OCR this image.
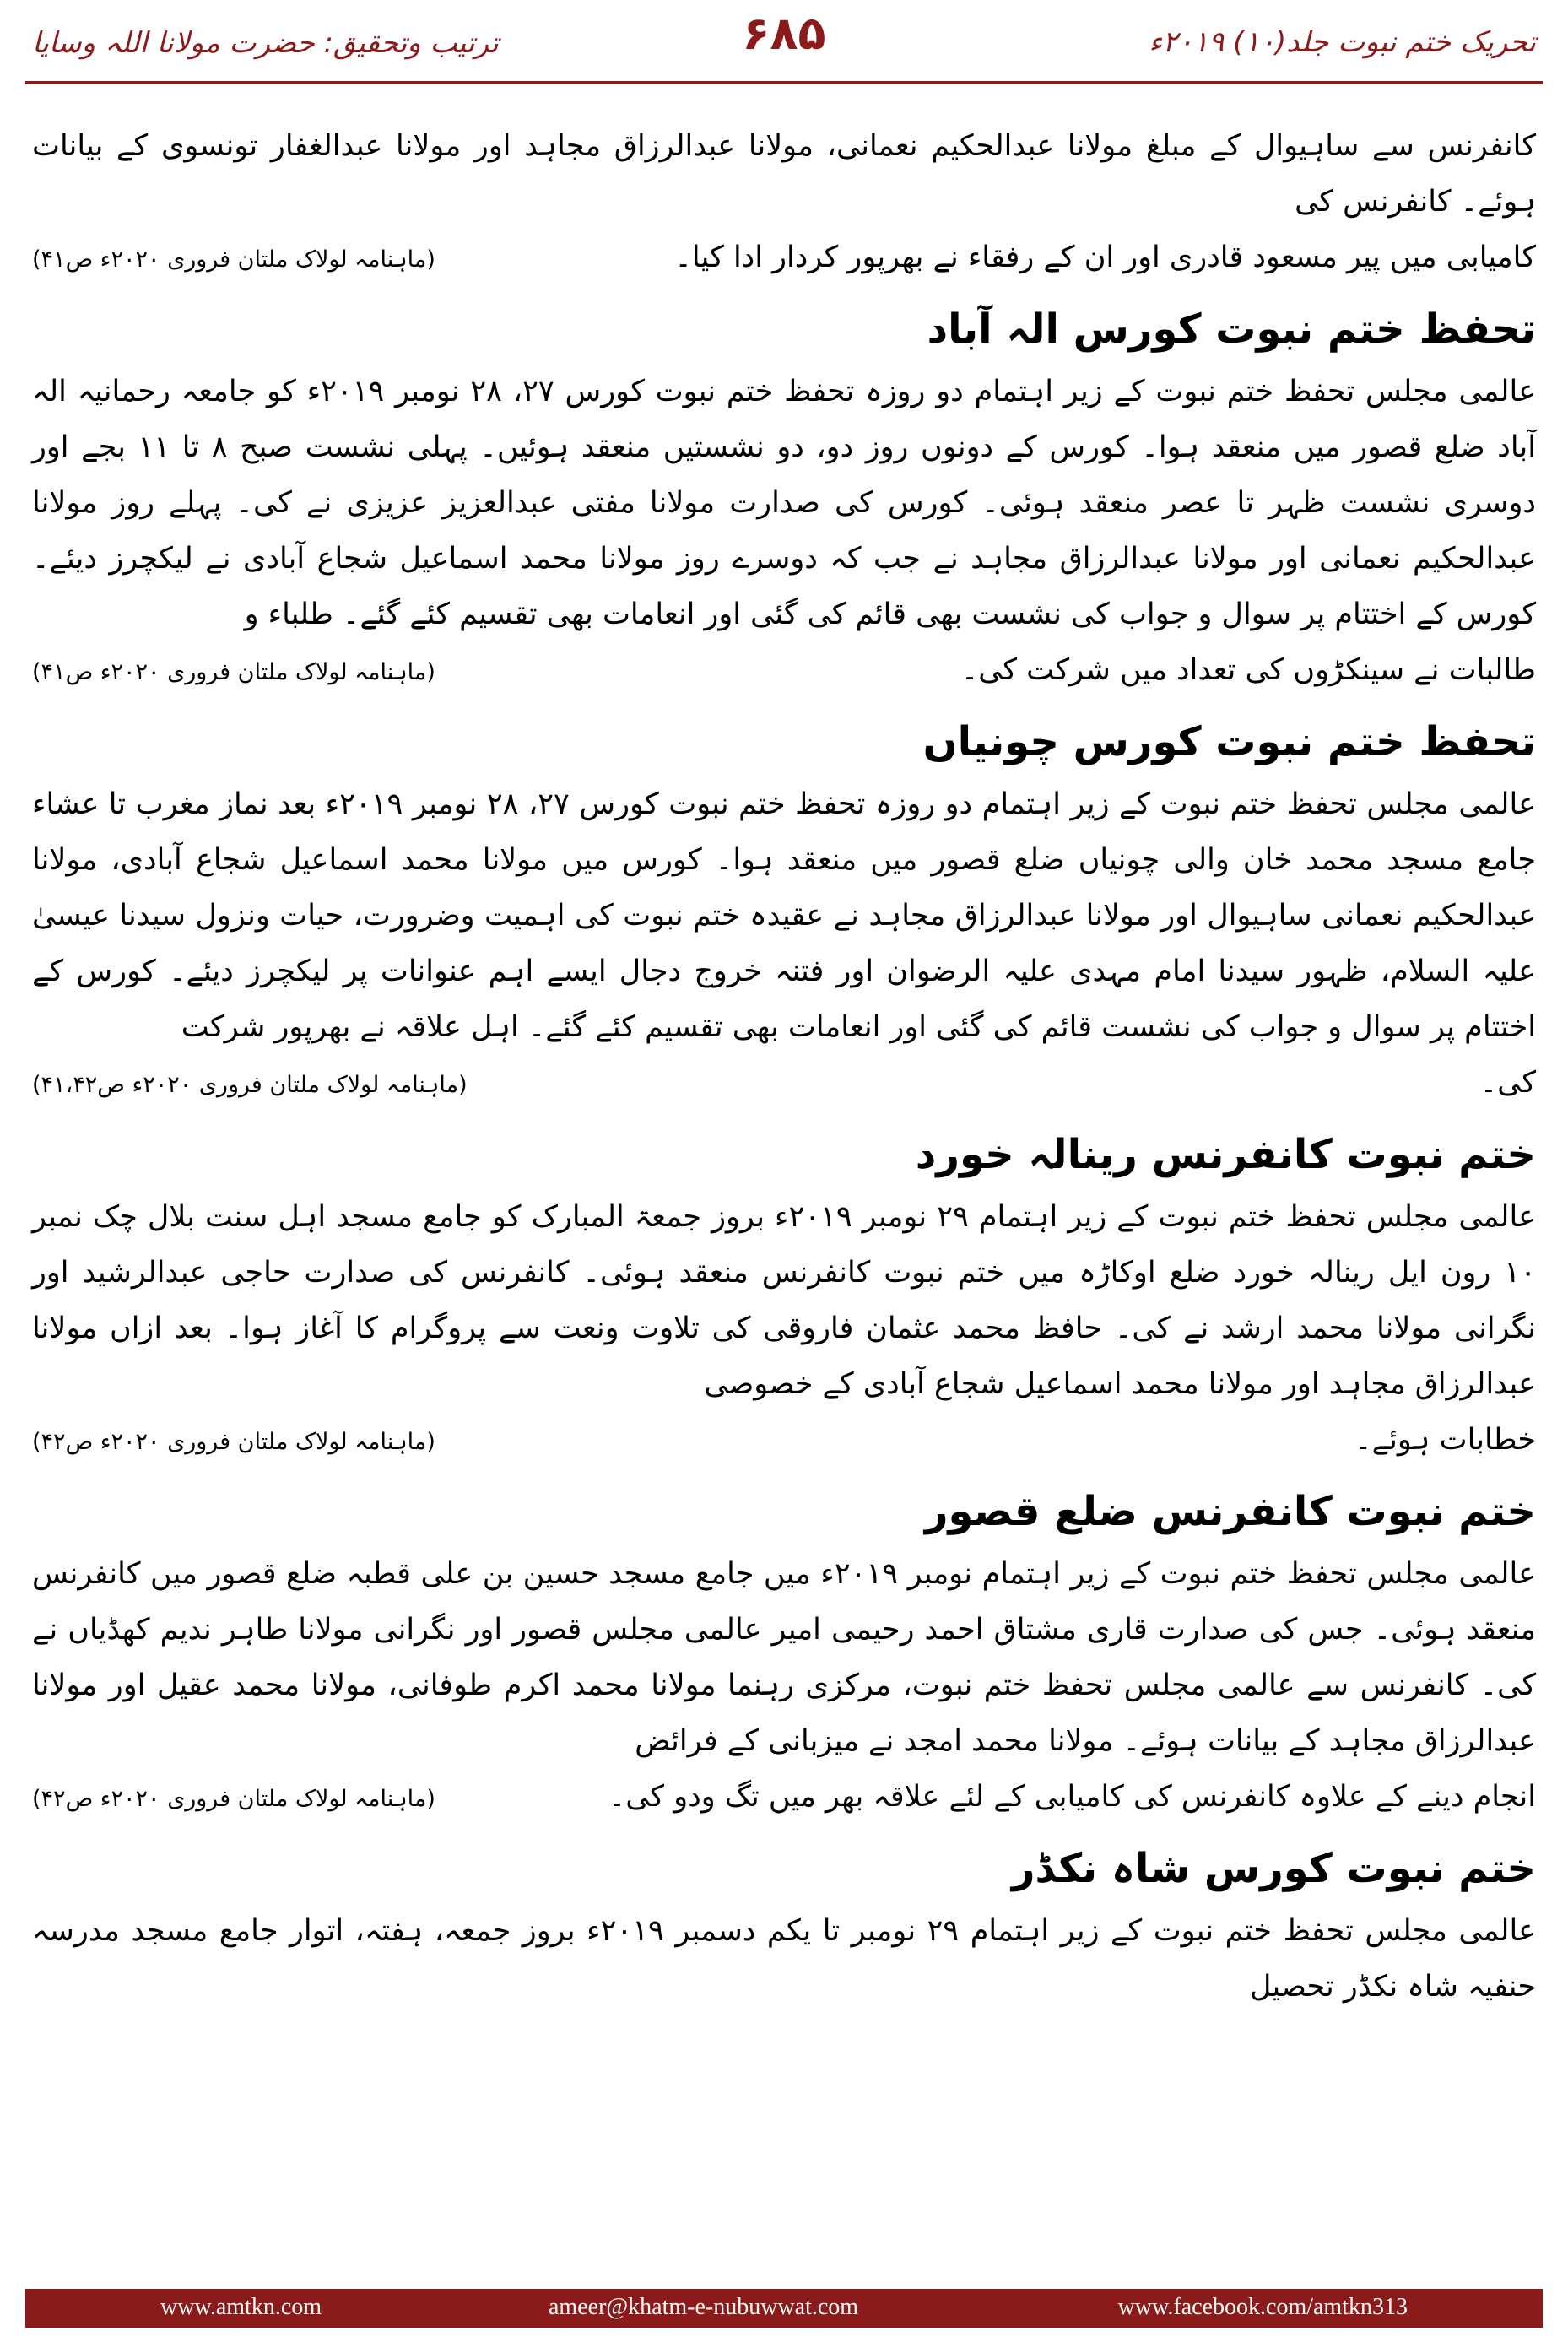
تحریک ختم نبوت جلد(۱۰) ۲۰۱۹ء
۶۸۵
ترتیب وتحقیق: حضرت مولانا اللہ وسایا

کانفرنس سے ساہیوال کے مبلغ مولانا عبدالحکیم نعمانی، مولانا عبدالرزاق مجاہد اور مولانا عبدالغفار تونسوی کے بیانات ہوئے۔ کانفرنس کی

کامیابی میں پیر مسعود قادری اور ان کے رفقاء نے بھرپور کردار ادا کیا۔
(ماہنامہ لولاک ملتان فروری ۲۰۲۰ء ص۴۱)
تحفظ ختم نبوت کورس الہ آباد

عالمی مجلس تحفظ ختم نبوت کے زیر اہتمام دو روزہ تحفظ ختم نبوت کورس ۲۷، ۲۸ نومبر ۲۰۱۹ء کو جامعہ رحمانیہ الہ آباد ضلع قصور میں منعقد ہوا۔ کورس کے دونوں روز دو، دو نشستیں منعقد ہوئیں۔ پہلی نشست صبح ۸ تا ۱۱ بجے اور دوسری نشست ظہر تا عصر منعقد ہوئی۔ کورس کی صدارت مولانا مفتی عبدالعزیز عزیزی نے کی۔ پہلے روز مولانا عبدالحکیم نعمانی اور مولانا عبدالرزاق مجاہد نے جب کہ دوسرے روز مولانا محمد اسماعیل شجاع آبادی نے لیکچرز دیئے۔ کورس کے اختتام پر سوال و جواب کی نشست بھی قائم کی گئی اور انعامات بھی تقسیم کئے گئے۔ طلباء و

طالبات نے سینکڑوں کی تعداد میں شرکت کی۔
(ماہنامہ لولاک ملتان فروری ۲۰۲۰ء ص۴۱)
تحفظ ختم نبوت کورس چونیاں

عالمی مجلس تحفظ ختم نبوت کے زیر اہتمام دو روزہ تحفظ ختم نبوت کورس ۲۷، ۲۸ نومبر ۲۰۱۹ء بعد نماز مغرب تا عشاء جامع مسجد محمد خان والی چونیاں ضلع قصور میں منعقد ہوا۔ کورس میں مولانا محمد اسماعیل شجاع آبادی، مولانا عبدالحکیم نعمانی ساہیوال اور مولانا عبدالرزاق مجاہد نے عقیدہ ختم نبوت کی اہمیت وضرورت، حیات ونزول سیدنا عیسیٰ علیہ السلام، ظہور سیدنا امام مہدی علیہ الرضوان اور فتنہ خروج دجال ایسے اہم عنوانات پر لیکچرز دیئے۔ کورس کے اختتام پر سوال و جواب کی نشست قائم کی گئی اور انعامات بھی تقسیم کئے گئے۔ اہل علاقہ نے بھرپور شرکت

کی۔
(ماہنامہ لولاک ملتان فروری ۲۰۲۰ء ص۴۱،۴۲)
ختم نبوت کانفرنس رینالہ خورد

عالمی مجلس تحفظ ختم نبوت کے زیر اہتمام ۲۹ نومبر ۲۰۱۹ء بروز جمعۃ المبارک کو جامع مسجد اہل سنت بلال چک نمبر ۱۰ رون ایل رینالہ خورد ضلع اوکاڑہ میں ختم نبوت کانفرنس منعقد ہوئی۔ کانفرنس کی صدارت حاجی عبدالرشید اور نگرانی مولانا محمد ارشد نے کی۔ حافظ محمد عثمان فاروقی کی تلاوت ونعت سے پروگرام کا آغاز ہوا۔ بعد ازاں مولانا عبدالرزاق مجاہد اور مولانا محمد اسماعیل شجاع آبادی کے خصوصی

خطابات ہوئے۔
(ماہنامہ لولاک ملتان فروری ۲۰۲۰ء ص۴۲)
ختم نبوت کانفرنس ضلع قصور

عالمی مجلس تحفظ ختم نبوت کے زیر اہتمام نومبر ۲۰۱۹ء میں جامع مسجد حسین بن علی قطبہ ضلع قصور میں کانفرنس منعقد ہوئی۔ جس کی صدارت قاری مشتاق احمد رحیمی امیر عالمی مجلس قصور اور نگرانی مولانا طاہر ندیم کھڈیاں نے کی۔ کانفرنس سے عالمی مجلس تحفظ ختم نبوت، مرکزی رہنما مولانا محمد اکرم طوفانی، مولانا محمد عقیل اور مولانا عبدالرزاق مجاہد کے بیانات ہوئے۔ مولانا محمد امجد نے میزبانی کے فرائض

انجام دینے کے علاوہ کانفرنس کی کامیابی کے لئے علاقہ بھر میں تگ ودو کی۔
(ماہنامہ لولاک ملتان فروری ۲۰۲۰ء ص۴۲)
ختم نبوت کورس شاہ نکڈر

عالمی مجلس تحفظ ختم نبوت کے زیر اہتمام ۲۹ نومبر تا یکم دسمبر ۲۰۱۹ء بروز جمعہ، ہفتہ، اتوار جامع مسجد مدرسہ حنفیہ شاہ نکڈر تحصیل

www.amtkn.com	ameer@khatm-e-nubuwwat.com	www.facebook.com/amtkn313
